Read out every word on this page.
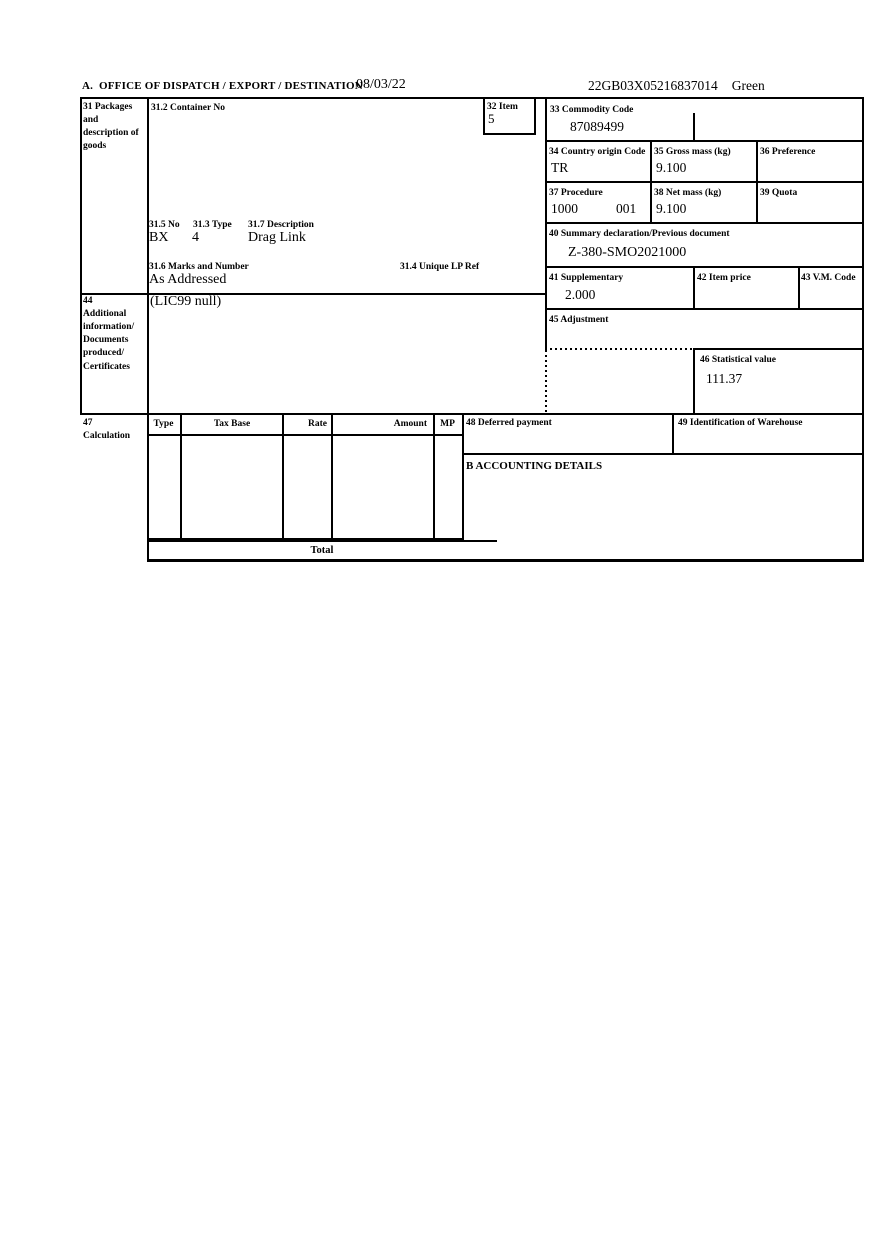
A.  OFFICE OF DISPATCH / EXPORT / DESTINATION
08/03/22	22GB03X05216837014 Green
31 Packages and description of goods
31.2 Container No	32 Item
5
33 Commodity Code
87089499
34 Country origin Code
TR
35 Gross mass (kg)
9.100
36 Preference
37 Procedure
1000	001
38 Net mass (kg)
9.100
39 Quota
31.5 No 31.3 Type 31.7 Description
BX 4	Drag Link	40 Summary declaration/Previous document
Z-380-SMO2021000
31.6 Marks and Number	31.4 Unique LP Ref
As Addressed	41 Supplementary
2.000
42 Item price	43 V.M. Code
44 Additional information/ Documents produced/ Certificates
(LIC99 null)
45 Adjustment
46 Statistical value
111.37
47 Calculation
Type	Tax Base	Rate	Amount	MP	48 Deferred payment	49 Identification of Warehouse
B ACCOUNTING DETAILS
Total
